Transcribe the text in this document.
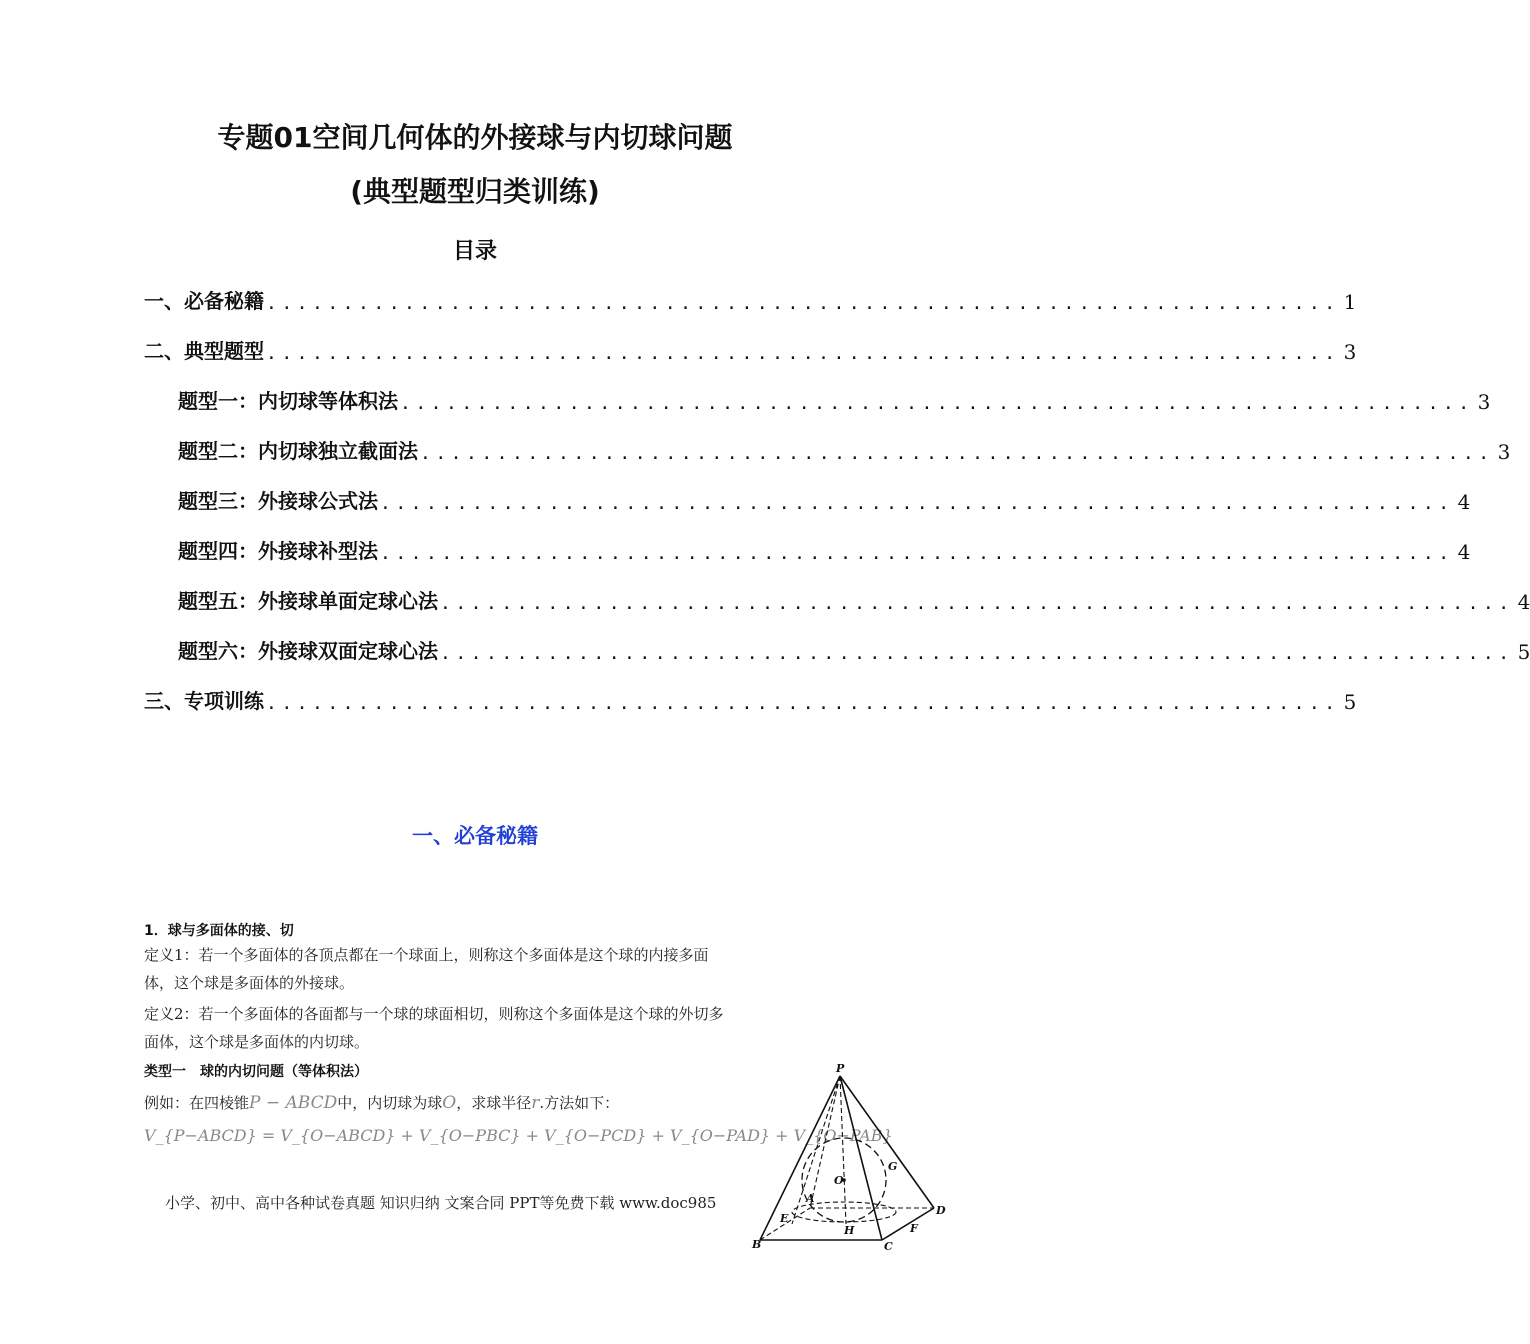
专题01空间几何体的外接球与内切球问题
(典型题型归类训练)
目录
一、必备秘籍 ...................................................................... 1
二、典型题型 ...................................................................... 3
题型一：内切球等体积法 ...................................................................... 3
题型二：内切球独立截面法 ...................................................................... 3
题型三：外接球公式法 ...................................................................... 4
题型四：外接球补型法 ...................................................................... 4
题型五：外接球单面定球心法 ...................................................................... 4
题型六：外接球双面定球心法 ...................................................................... 5
三、专项训练 ...................................................................... 5
一、必备秘籍
1．球与多面体的接、切
定义1：若一个多面体的各顶点都在一个球面上，则称这个多面体是这个球的内接多面
体，这个球是多面体的外接球。
定义2：若一个多面体的各面都与一个球的球面相切，则称这个多面体是这个球的外切多
面体，这个球是多面体的内切球。
类型一　球的内切问题（等体积法）
例如：在四棱锥P − ABCD中，内切球为球O，求球半径r.方法如下：
V_{P−ABCD} = V_{O−ABCD} + V_{O−PBC} + V_{O−PCD} + V_{O−PAD} + V_{O−PAB}
小学、初中、高中各种试卷真题 知识归纳 文案合同 PPT等免费下载 www.doc985
P
G
O
A
D
E
F
H
B	C
